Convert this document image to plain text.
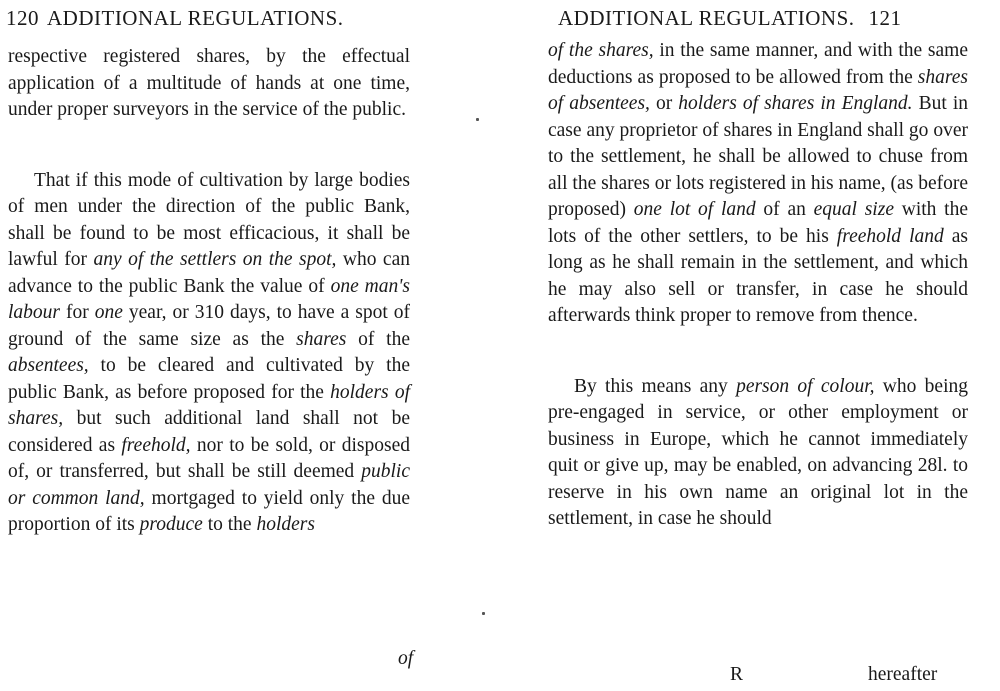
120 ADDITIONAL REGULATIONS.

respective registered shares, by the effectual application of a multitude of hands at one time, under proper surveyors in the service of the public.

That if this mode of cultivation by large bodies of men under the direction of the public Bank, shall be found to be most efficacious, it shall be lawful for any of the settlers on the spot, who can advance to the public Bank the value of one man's labour for one year, or 310 days, to have a spot of ground of the same size as the shares of the absentees, to be cleared and cultivated by the public Bank, as before proposed for the holders of shares, but such additional land shall not be considered as freehold, nor to be sold, or disposed of, or transferred, but shall be still deemed public or common land, mortgaged to yield only the due proportion of its produce to the holders

of
ADDITIONAL REGULATIONS. 121

of the shares, in the same manner, and with the same deductions as proposed to be allowed from the shares of absentees, or holders of shares in England. But in case any proprietor of shares in England shall go over to the settlement, he shall be allowed to chuse from all the shares or lots registered in his name, (as before proposed) one lot of land of an equal size with the lots of the other settlers, to be his freehold land as long as he shall remain in the settlement, and which he may also sell or transfer, in case he should afterwards think proper to remove from thence.

By this means any person of colour, who being pre-engaged in service, or other employment or business in Europe, which he cannot immediately quit or give up, may be enabled, on advancing 28l. to reserve in his own name an original lot in the settlement, in case he should

R	hereafter
